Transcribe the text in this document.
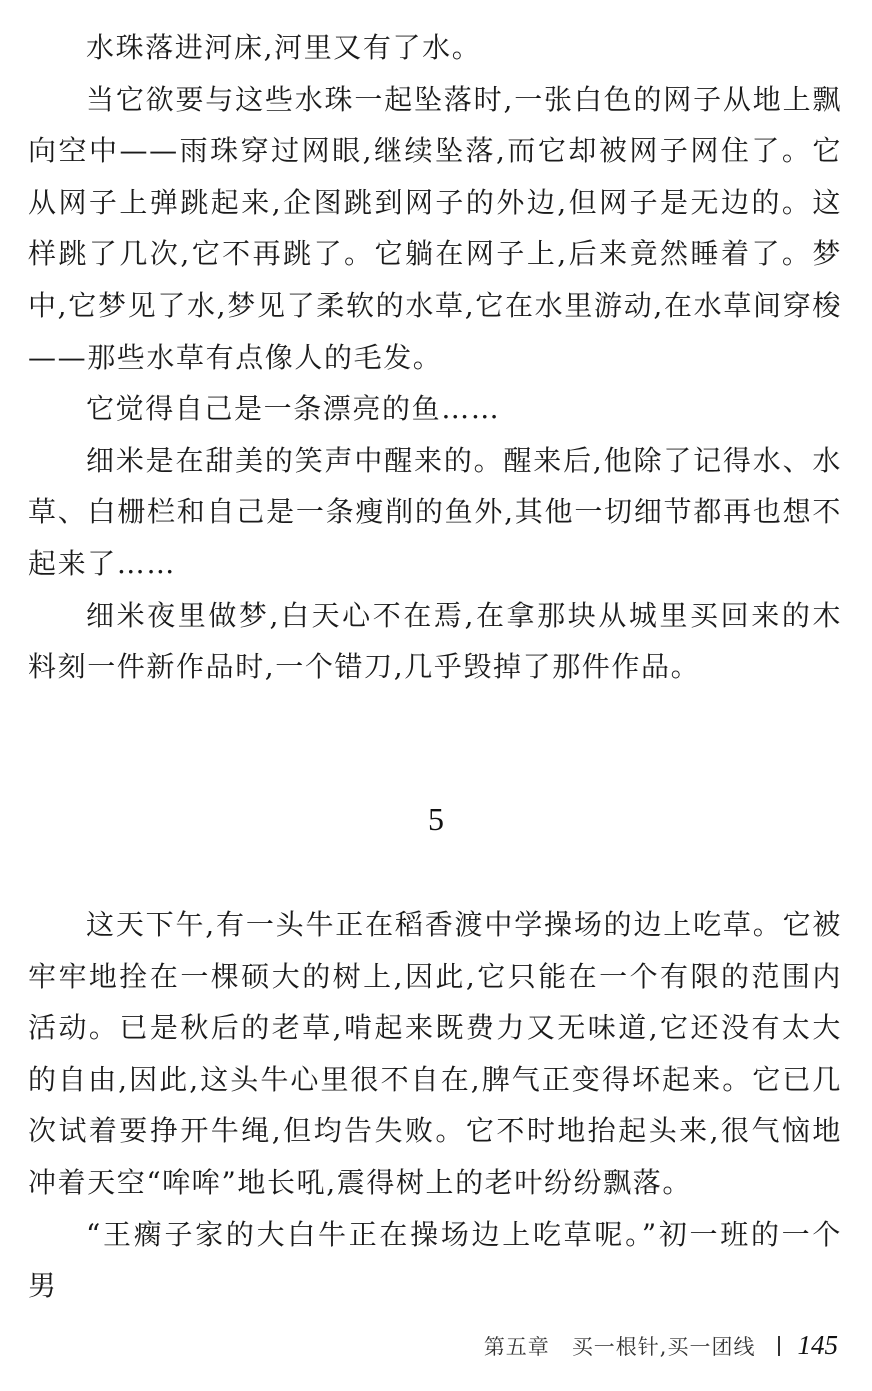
水珠落进河床,河里又有了水。

当它欲要与这些水珠一起坠落时,一张白色的网子从地上飘向空中——雨珠穿过网眼,继续坠落,而它却被网子网住了。它从网子上弹跳起来,企图跳到网子的外边,但网子是无边的。这样跳了几次,它不再跳了。它躺在网子上,后来竟然睡着了。梦中,它梦见了水,梦见了柔软的水草,它在水里游动,在水草间穿梭——那些水草有点像人的毛发。

它觉得自己是一条漂亮的鱼……

细米是在甜美的笑声中醒来的。醒来后,他除了记得水、水草、白栅栏和自己是一条瘦削的鱼外,其他一切细节都再也想不起来了……

细米夜里做梦,白天心不在焉,在拿那块从城里买回来的木料刻一件新作品时,一个错刀,几乎毁掉了那件作品。

5

这天下午,有一头牛正在稻香渡中学操场的边上吃草。它被牢牢地拴在一棵硕大的树上,因此,它只能在一个有限的范围内活动。已是秋后的老草,啃起来既费力又无味道,它还没有太大的自由,因此,这头牛心里很不自在,脾气正变得坏起来。它已几次试着要挣开牛绳,但均告失败。它不时地抬起头来,很气恼地冲着天空“哞哞”地长吼,震得树上的老叶纷纷飘落。

“王瘸子家的大白牛正在操场边上吃草呢。”初一班的一个男

第五章 买一根针,买一团线 145
